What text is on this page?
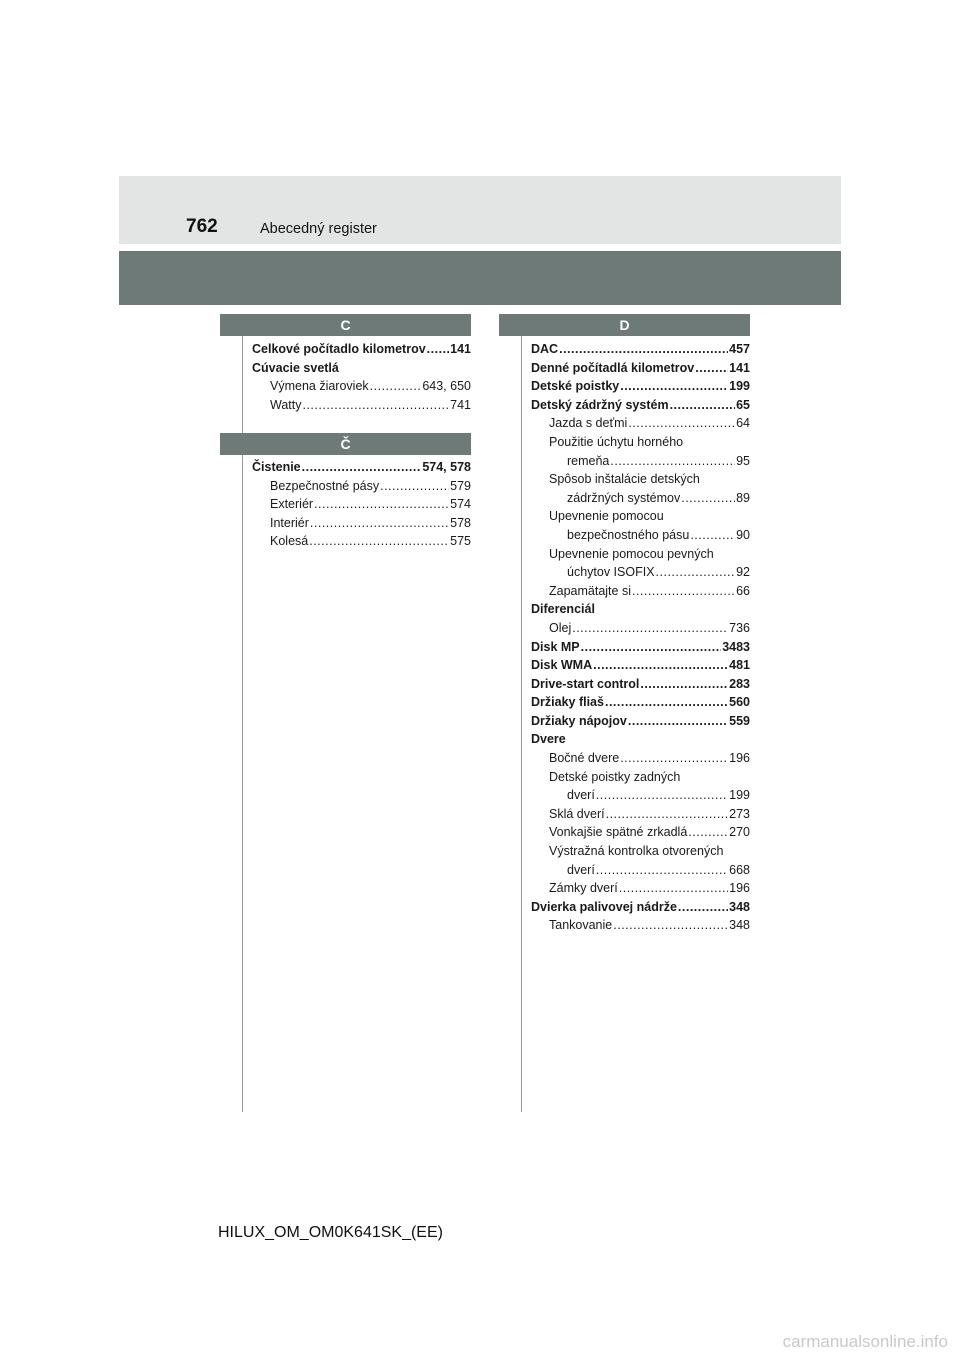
762	Abecedný register
C
Celkové počítadlo kilometrov ..... 141
Cúvacie svetlá
Výmena žiaroviek .....	643, 650
Watty .....	741
Č
Čistenie .....	574, 578
Bezpečnostné pásy .....	579
Exteriér .....	574
Interiér .....	578
Kolesá .....	575
D
DAC .....	457
Denné počítadlá kilometrov .....	141
Detské poistky .....	199
Detský zádržný systém .....	65
Jazda s deťmi .....	64
Použitie úchytu horného
remeňa .....	95
Spôsob inštalácie detských
zádržných systémov .....	89
Upevnenie pomocou
bezpečnostného pásu .....	90
Upevnenie pomocou pevných
úchytov ISOFIX .....	92
Zapamätajte si .....	66
Diferenciál
Olej .....	736
Disk MP .....	3483
Disk WMA .....	481
Drive-start control .....	283
Držiaky fliaš .....	560
Držiaky nápojov .....	559
Dvere
Bočné dvere .....	196
Detské poistky zadných
dverí .....	199
Sklá dverí .....	273
Vonkajšie spätné zrkadlá .....	270
Výstražná kontrolka otvorených
dverí .....	668
Zámky dverí .....	196
Dvierka palivovej nádrže .....	348
Tankovanie .....	348
HILUX_OM_OM0K641SK_(EE)
carmanualsonline.info
